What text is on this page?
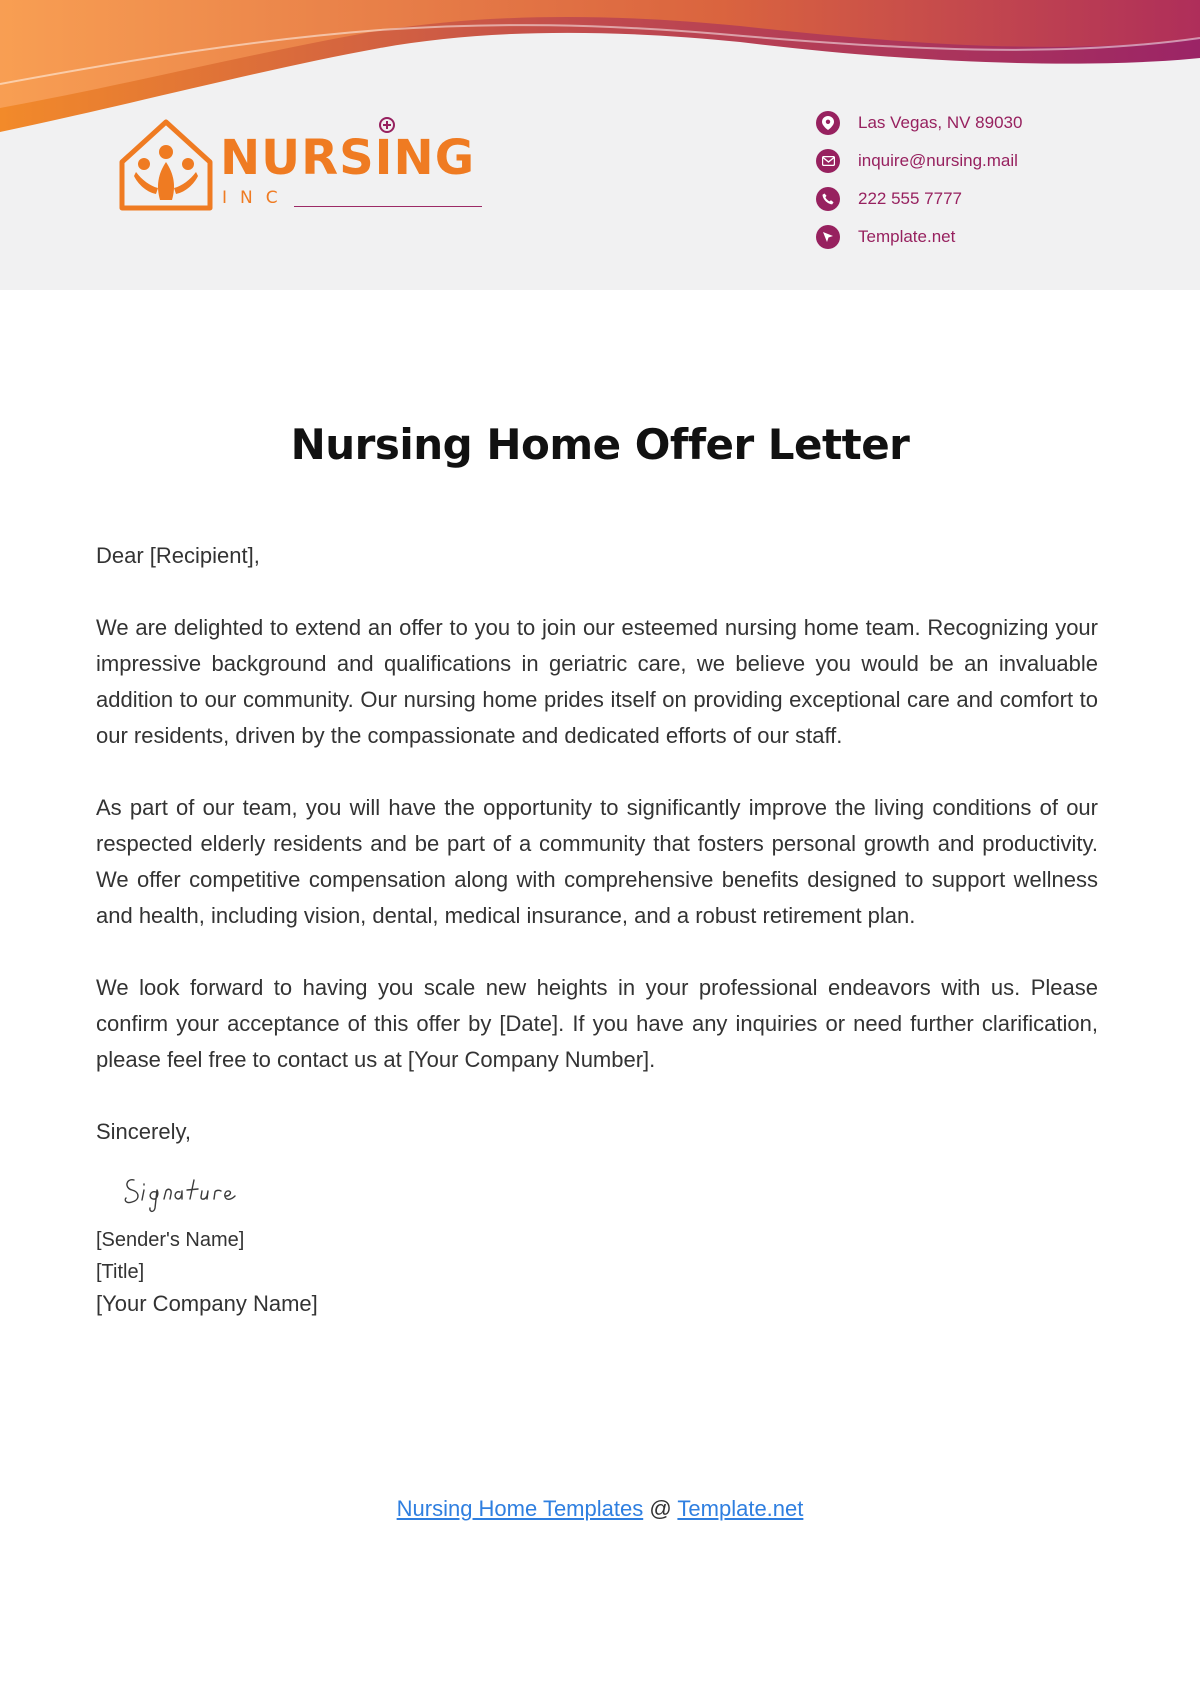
NURSING
INC
Las Vegas, NV 89030
inquire@nursing.mail
222 555 7777
Template.net
Nursing Home Offer Letter

Dear [Recipient],

We are delighted to extend an offer to you to join our esteemed nursing home team. Recognizing your impressive background and qualifications in geriatric care, we believe you would be an invaluable addition to our community. Our nursing home prides itself on providing exceptional care and comfort to our residents, driven by the compassionate and dedicated efforts of our staff.

As part of our team, you will have the opportunity to significantly improve the living conditions of our respected elderly residents and be part of a community that fosters personal growth and productivity. We offer competitive compensation along with comprehensive benefits designed to support wellness and health, including vision, dental, medical insurance, and a robust retirement plan.

We look forward to having you scale new heights in your professional endeavors with us. Please confirm your acceptance of this offer by [Date]. If you have any inquiries or need further clarification, please feel free to contact us at [Your Company Number].

Sincerely,

[Sender's Name]
[Title]
[Your Company Name]
Nursing Home Templates @ Template.net
